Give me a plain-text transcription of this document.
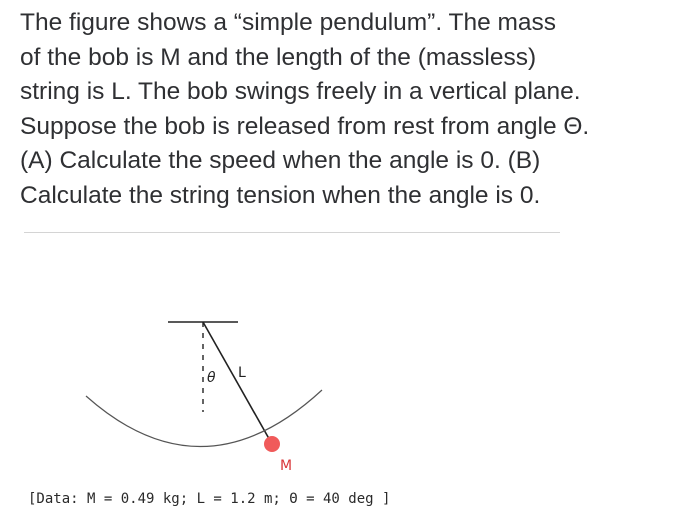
The figure shows a “simple pendulum”. The mass
of the bob is M and the length of the (massless)
string is L. The bob swings freely in a vertical plane.
Suppose the bob is released from rest from angle Θ.
(A) Calculate the speed when the angle is 0. (B)
Calculate the string tension when the angle is 0.
θ L
M

[Data: M = 0.49 kg; L = 1.2 m; Θ = 40 deg ]
